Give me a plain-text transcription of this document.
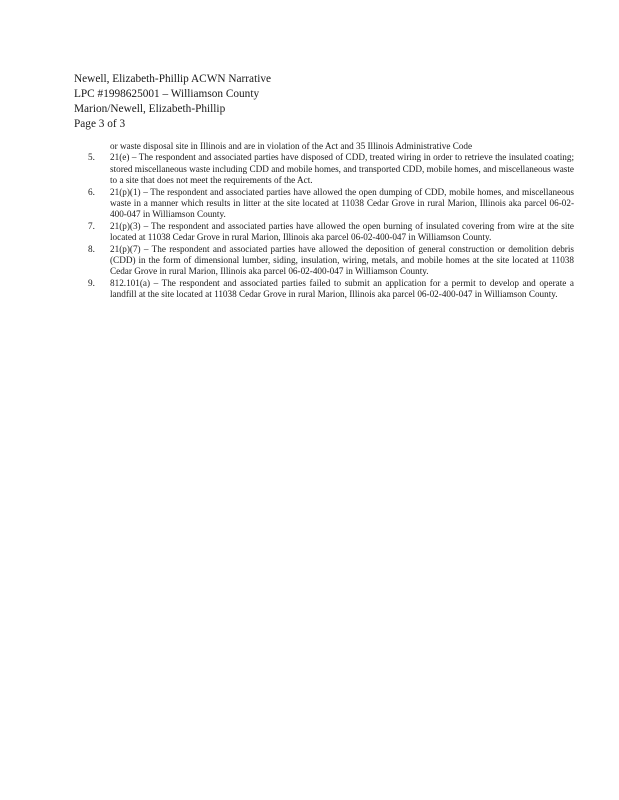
Newell, Elizabeth-Phillip ACWN Narrative
LPC #1998625001 – Williamson County
Marion/Newell, Elizabeth-Phillip
Page 3 of 3

or waste disposal site in Illinois and are in violation of the Act and 35 Illinois Administrative Code

5. 21(e) – The respondent and associated parties have disposed of CDD, treated wiring in order to retrieve the insulated coating; stored miscellaneous waste including CDD and mobile homes, and transported CDD, mobile homes, and miscellaneous waste to a site that does not meet the requirements of the Act.

6. 21(p)(1) – The respondent and associated parties have allowed the open dumping of CDD, mobile homes, and miscellaneous waste in a manner which results in litter at the site located at 11038 Cedar Grove in rural Marion, Illinois aka parcel 06-02-400-047 in Williamson County.

7. 21(p)(3) – The respondent and associated parties have allowed the open burning of insulated covering from wire at the site located at 11038 Cedar Grove in rural Marion, Illinois aka parcel 06-02-400-047 in Williamson County.

8. 21(p)(7) – The respondent and associated parties have allowed the deposition of general construction or demolition debris (CDD) in the form of dimensional lumber, siding, insulation, wiring, metals, and mobile homes at the site located at 11038 Cedar Grove in rural Marion, Illinois aka parcel 06-02-400-047 in Williamson County.

9. 812.101(a) – The respondent and associated parties failed to submit an application for a permit to develop and operate a landfill at the site located at 11038 Cedar Grove in rural Marion, Illinois aka parcel 06-02-400-047 in Williamson County.
